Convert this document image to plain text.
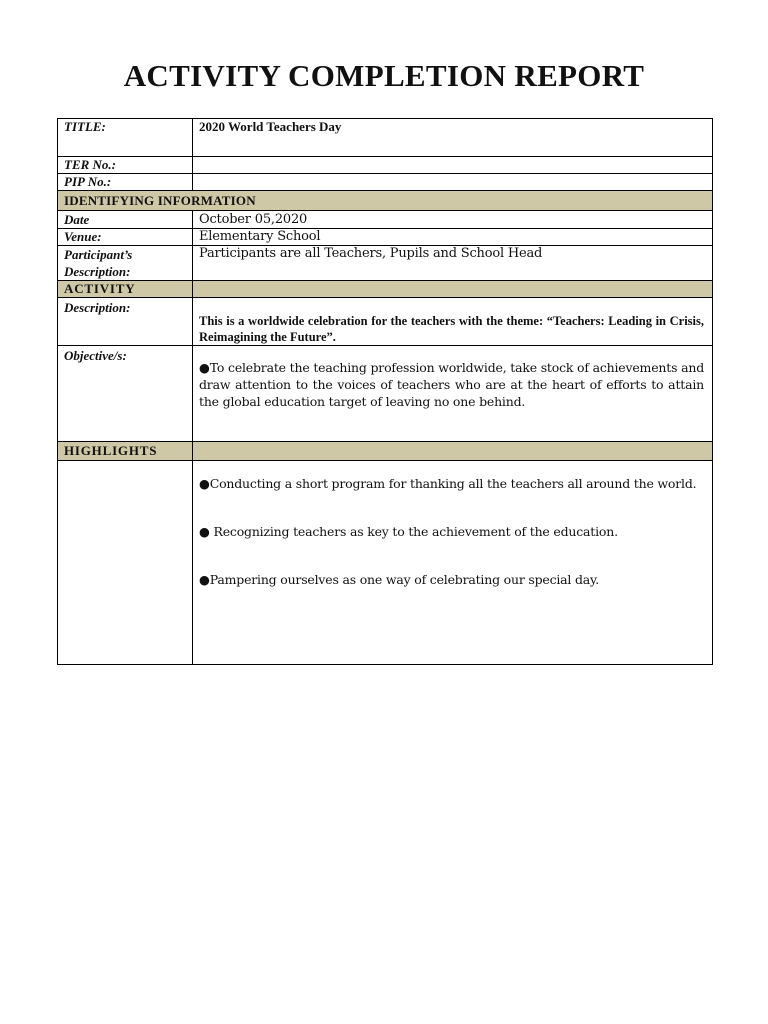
ACTIVITY COMPLETION REPORT
TITLE:	2020 World Teachers Day
TER No.:	
PIP No.:	
IDENTIFYING INFORMATION	
Date	October 05,2020
Venue:	Elementary School
Participant’s
Description:	Participants are all Teachers, Pupils and School Head
ACTIVITY	
Description:	This is a worldwide celebration for the teachers with the theme: “Teachers: Leading in Crisis, Reimagining the Future”.

Objective/s:	●To celebrate the teaching profession worldwide, take stock of achievements and draw attention to the voices of teachers who are at the heart of efforts to attain the global education target of leaving no one behind.

HIGHLIGHTS	

	●Conducting a short program for thanking all the teachers all around the world.

● Recognizing teachers as key to the achievement of the education.

●Pampering ourselves as one way of celebrating our special day.
